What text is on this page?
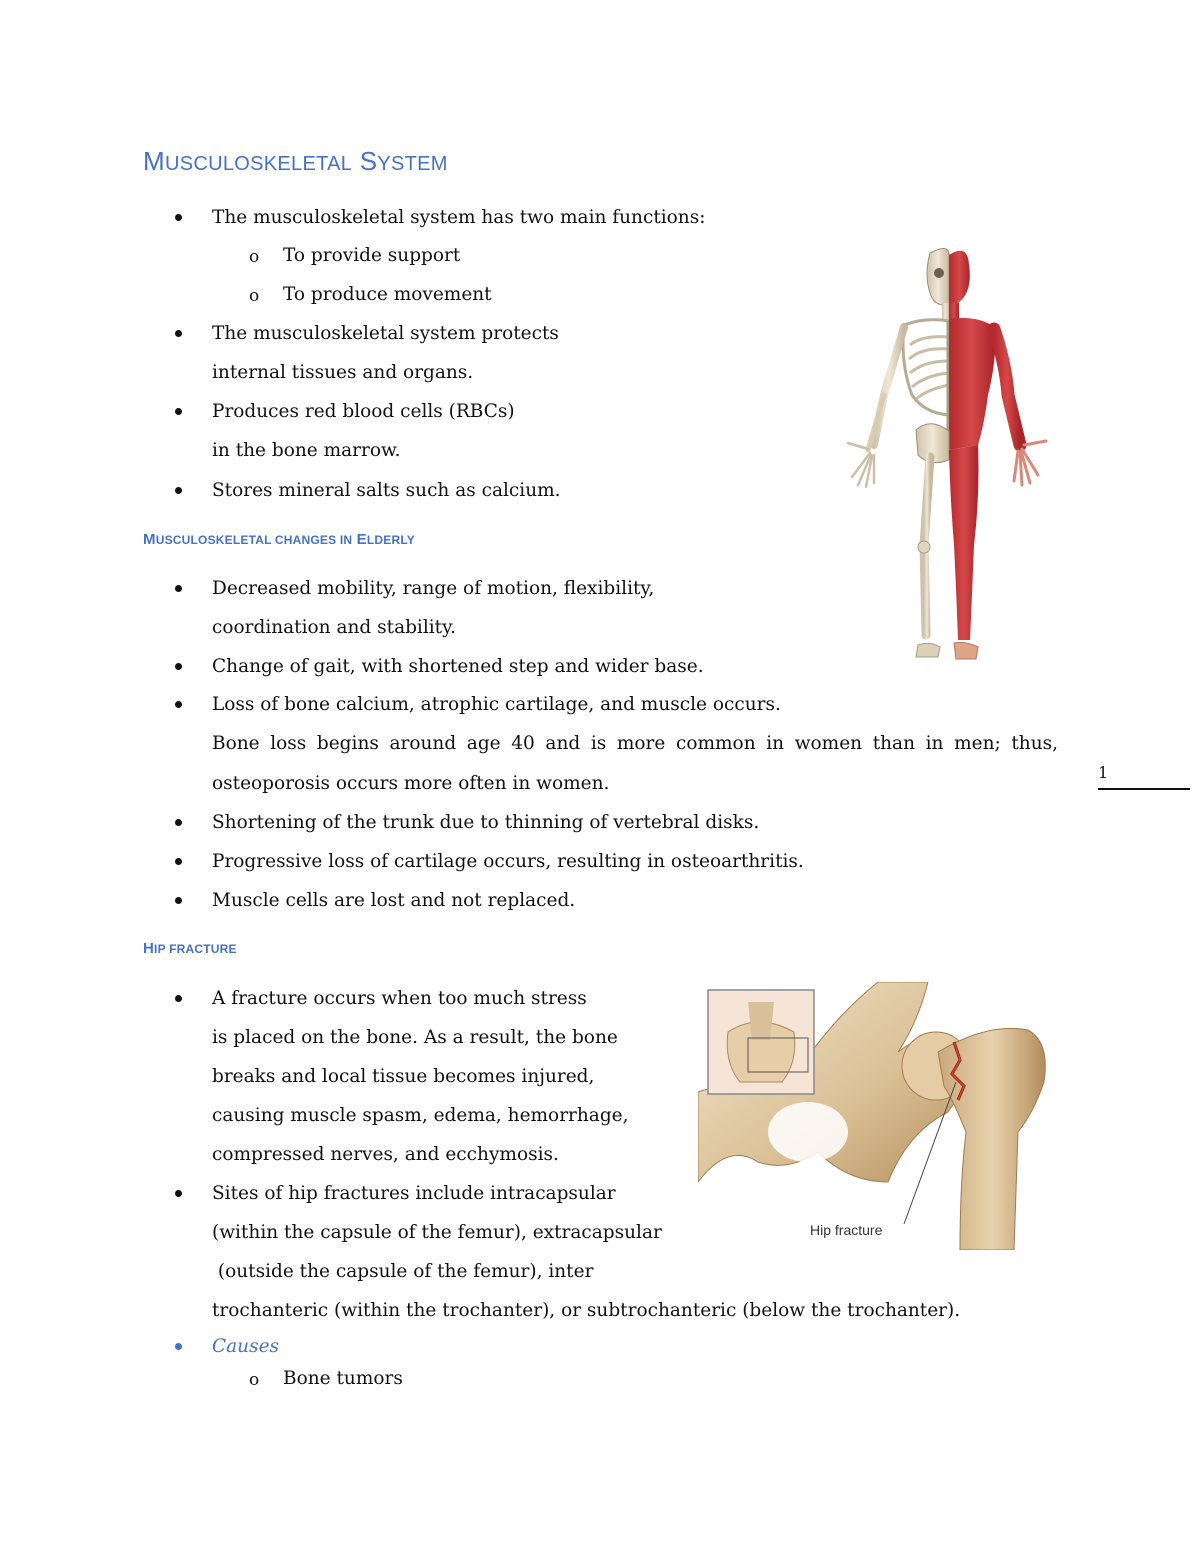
MUSCULOSKELETAL SYSTEM
The musculoskeletal system has two main functions:
o To provide support
o To produce movement
The musculoskeletal system protects
internal tissues and organs.
Produces red blood cells (RBCs)
in the bone marrow.
Stores mineral salts such as calcium.
MUSCULOSKELETAL CHANGES IN ELDERLY
Decreased mobility, range of motion, flexibility,
coordination and stability.
Change of gait, with shortened step and wider base.
Loss of bone calcium, atrophic cartilage, and muscle occurs.
Bone loss begins around age 40 and is more common in women than in men; thus,
osteoporosis occurs more often in women.
Shortening of the trunk due to thinning of vertebral disks.
Progressive loss of cartilage occurs, resulting in osteoarthritis.
Muscle cells are lost and not replaced.
1
HIP FRACTURE
A fracture occurs when too much stress
is placed on the bone. As a result, the bone
breaks and local tissue becomes injured,
causing muscle spasm, edema, hemorrhage,
compressed nerves, and ecchymosis.
Sites of hip fractures include intracapsular
(within the capsule of the femur), extracapsular
(outside the capsule of the femur), inter
trochanteric (within the trochanter), or subtrochanteric (below the trochanter).
Causes
o Bone tumors
Hip fracture
